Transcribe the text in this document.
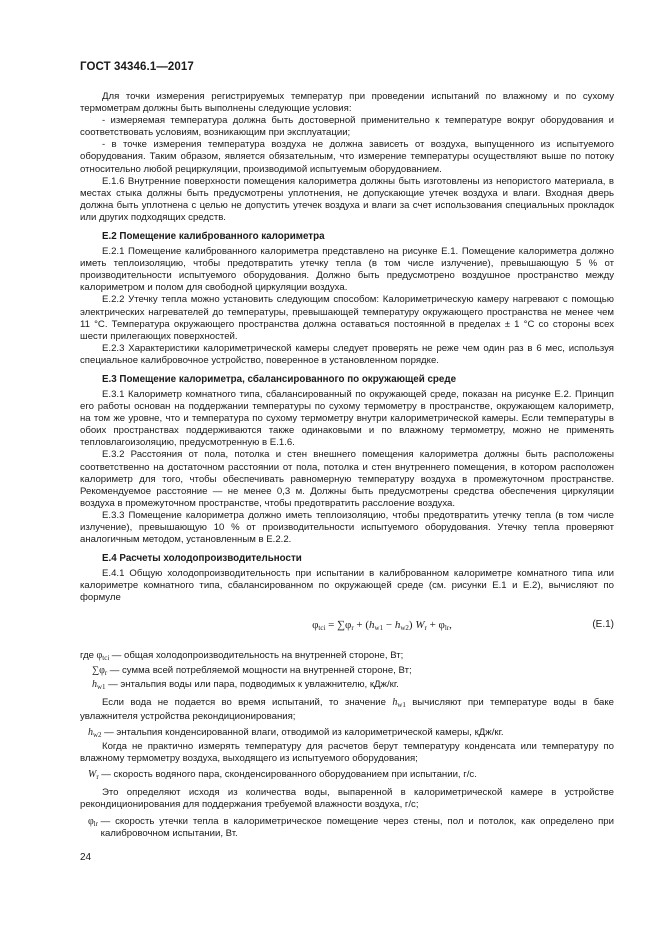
ГОСТ 34346.1—2017

Для точки измерения регистрируемых температур при проведении испытаний по влажному и по сухому термометрам должны быть выполнены следующие условия:

- измеряемая температура должна быть достоверной применительно к температуре вокруг оборудования и соответствовать условиям, возникающим при эксплуатации;

- в точке измерения температура воздуха не должна зависеть от воздуха, выпущенного из испытуемого оборудования. Таким образом, является обязательным, что измерение температуры осуществляют выше по потоку относительно любой рециркуляции, производимой испытуемым оборудованием.

Е.1.6 Внутренние поверхности помещения калориметра должны быть изготовлены из непористого материала, в местах стыка должны быть предусмотрены уплотнения, не допускающие утечек воздуха и влаги. Входная дверь должна быть уплотнена с целью не допустить утечек воздуха и влаги за счет использования специальных прокладок или других подходящих средств.

Е.2 Помещение калиброванного калориметра

Е.2.1 Помещение калиброванного калориметра представлено на рисунке Е.1. Помещение калориметра должно иметь теплоизоляцию, чтобы предотвратить утечку тепла (в том числе излучение), превышающую 5 % от производительности испытуемого оборудования. Должно быть предусмотрено воздушное пространство между калориметром и полом для свободной циркуляции воздуха.

Е.2.2 Утечку тепла можно установить следующим способом: Калориметрическую камеру нагревают с помощью электрических нагревателей до температуры, превышающей температуру окружающего пространства не менее чем 11 °С. Температура окружающего пространства должна оставаться постоянной в пределах ± 1 °С со стороны всех шести прилегающих поверхностей.

Е.2.3 Характеристики калориметрической камеры следует проверять не реже чем один раз в 6 мес, используя специальное калибровочное устройство, поверенное в установленном порядке.

Е.3 Помещение калориметра, сбалансированного по окружающей среде

Е.3.1 Калориметр комнатного типа, сбалансированный по окружающей среде, показан на рисунке Е.2. Принцип его работы основан на поддержании температуры по сухому термометру в пространстве, окружающем калориметр, на том же уровне, что и температура по сухому термометру внутри калориметрической камеры. Если температуры в обоих пространствах поддерживаются также одинаковыми и по влажному термометру, можно не применять тепловлагоизоляцию, предусмотренную в Е.1.6.

Е.3.2 Расстояния от пола, потолка и стен внешнего помещения калориметра должны быть расположены соответственно на достаточном расстоянии от пола, потолка и стен внутреннего помещения, в котором расположен калориметр для того, чтобы обеспечивать равномерную температуру воздуха в промежуточном пространстве. Рекомендуемое расстояние — не менее 0,3 м. Должны быть предусмотрены средства обеспечения циркуляции воздуха в промежуточном пространстве, чтобы предотвратить расслоение воздуха.

Е.3.3 Помещение калориметра должно иметь теплоизоляцию, чтобы предотвратить утечку тепла (в том числе излучение), превышающую 10 % от производительности испытуемого оборудования. Утечку тепла проверяют аналогичным методом, установленным в Е.2.2.

Е.4 Расчеты холодопроизводительности

Е.4.1 Общую холодопроизводительность при испытании в калиброванном калориметре комнатного типа или калориметре комнатного типа, сбалансированном по окружающей среде (см. рисунки Е.1 и Е.2), вычисляют по формуле

$\varphi_{tci} = \sum\varphi_r + (h_{w1} - h_{w2}) W_r + \varphi_{lr}$,	(Е.1)
где $\varphi_{tci}$ — общая холодопроизводительность на внутренней стороне, Вт;
$\sum\varphi_r$ — сумма всей потребляемой мощности на внутренней стороне, Вт;
$h_{w1}$ — энтальпия воды или пара, подводимых к увлажнителю, кДж/кг.

Если вода не подается во время испытаний, то значение $h_{w1}$ вычисляют при температуре воды в баке увлажнителя устройства рекондиционирования;

$h_{w2}$ — энтальпия конденсированной влаги, отводимой из калориметрической камеры, кДж/кг.

Когда не практично измерять температуру для расчетов берут температуру конденсата или температуру по влажному термометру воздуха, выходящего из испытуемого оборудования;

$W_r$ — скорость водяного пара, сконденсированного оборудованием при испытании, г/с.

Это определяют исходя из количества воды, выпаренной в калориметрической камере в устройстве рекондиционирования для поддержания требуемой влажности воздуха, г/с;

$\varphi_{lr}$ — скорость утечки тепла в калориметрическое помещение через стены, пол и потолок, как определено при калибровочном испытании, Вт.
24
